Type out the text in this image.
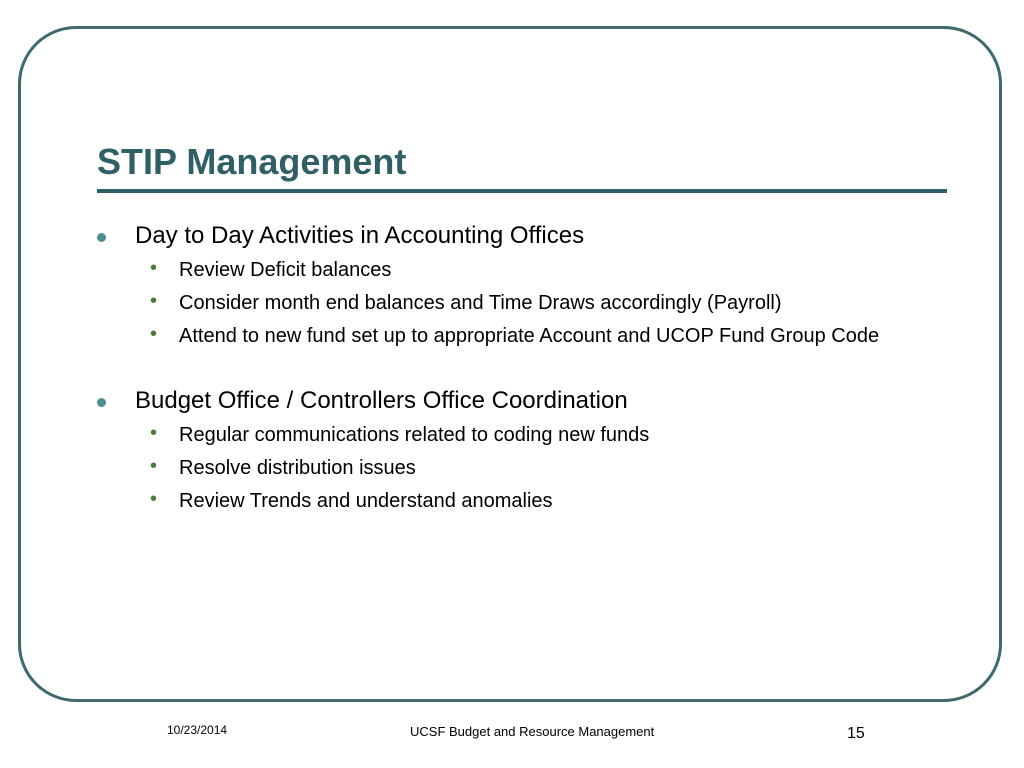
STIP Management
Day to Day Activities in Accounting Offices
• Review Deficit balances
• Consider month end balances and Time Draws accordingly (Payroll)
• Attend to new fund set up to appropriate Account and UCOP Fund Group Code
Budget Office / Controllers Office Coordination
• Regular communications related to coding new funds
• Resolve distribution issues
• Review Trends and understand anomalies
10/23/2014	UCSF Budget and Resource Management	15
